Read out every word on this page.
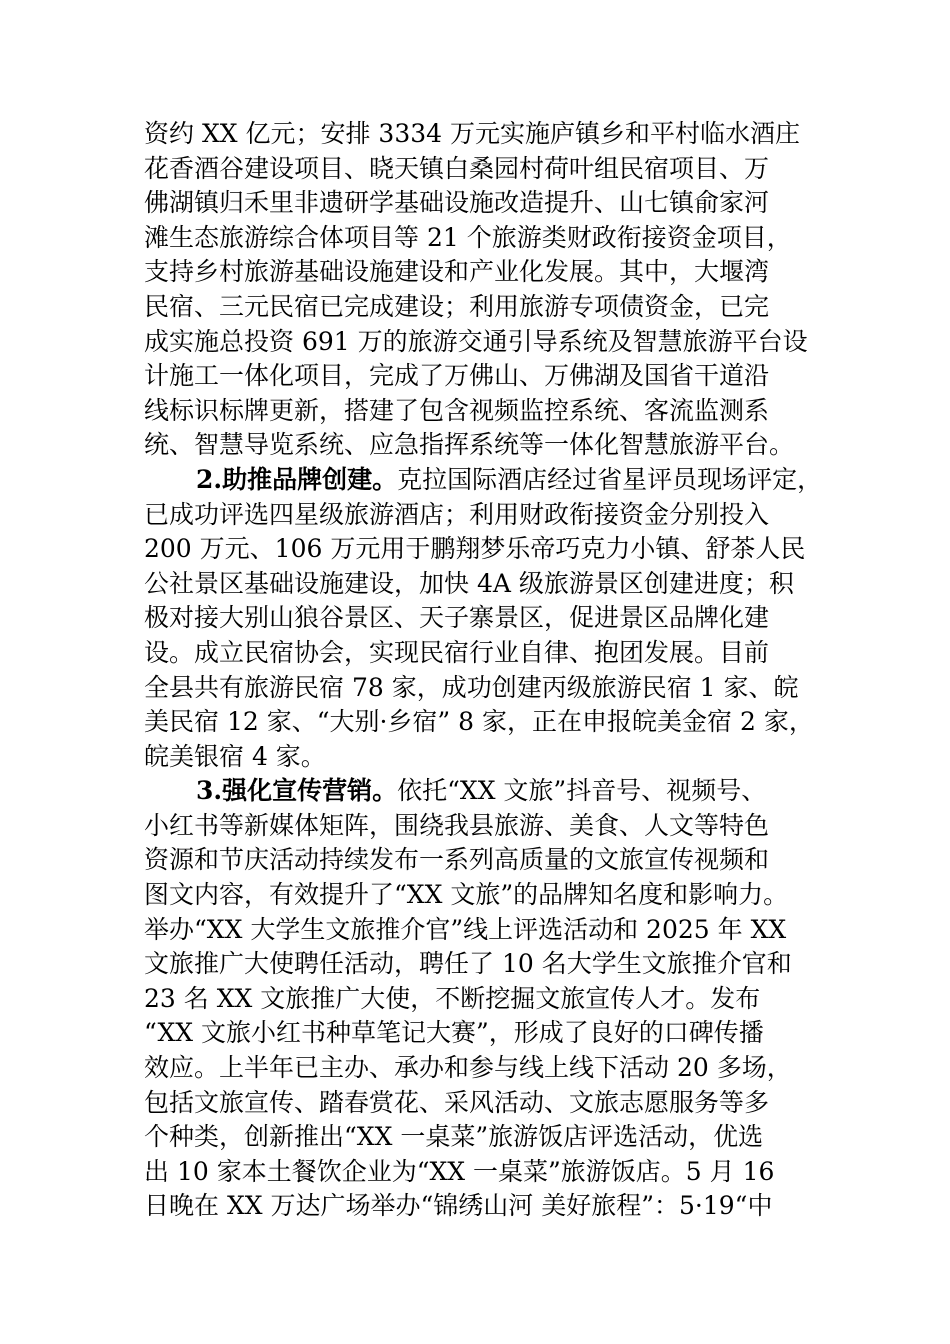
资约 XX 亿元；安排 3334 万元实施庐镇乡和平村临水酒庄
花香酒谷建设项目、晓天镇白桑园村荷叶组民宿项目、万
佛湖镇归禾里非遗研学基础设施改造提升、山七镇俞家河
滩生态旅游综合体项目等 21 个旅游类财政衔接资金项目，
支持乡村旅游基础设施建设和产业化发展。其中，大堰湾
民宿、三元民宿已完成建设；利用旅游专项债资金，已完
成实施总投资 691 万的旅游交通引导系统及智慧旅游平台设
计施工一体化项目，完成了万佛山、万佛湖及国省干道沿
线标识标牌更新，搭建了包含视频监控系统、客流监测系
统、智慧导览系统、应急指挥系统等一体化智慧旅游平台。
2.助推品牌创建。克拉国际酒店经过省星评员现场评定，
已成功评选四星级旅游酒店；利用财政衔接资金分别投入
200 万元、106 万元用于鹏翔梦乐帝巧克力小镇、舒茶人民
公社景区基础设施建设，加快 4A 级旅游景区创建进度；积
极对接大别山狼谷景区、天子寨景区，促进景区品牌化建
设。成立民宿协会，实现民宿行业自律、抱团发展。目前
全县共有旅游民宿 78 家，成功创建丙级旅游民宿 1 家、皖
美民宿 12 家、“大别·乡宿” 8 家，正在申报皖美金宿 2 家，
皖美银宿 4 家。
3.强化宣传营销。依托“XX 文旅”抖音号、视频号、
小红书等新媒体矩阵，围绕我县旅游、美食、人文等特色
资源和节庆活动持续发布一系列高质量的文旅宣传视频和
图文内容，有效提升了“XX 文旅”的品牌知名度和影响力。
举办“XX 大学生文旅推介官”线上评选活动和 2025 年 XX
文旅推广大使聘任活动，聘任了 10 名大学生文旅推介官和
23 名 XX 文旅推广大使，不断挖掘文旅宣传人才。发布
“XX 文旅小红书种草笔记大赛”，形成了良好的口碑传播
效应。上半年已主办、承办和参与线上线下活动 20 多场，
包括文旅宣传、踏春赏花、采风活动、文旅志愿服务等多
个种类，创新推出“XX 一桌菜”旅游饭店评选活动，优选
出 10 家本土餐饮企业为“XX 一桌菜”旅游饭店。5 月 16
日晚在 XX 万达广场举办“锦绣山河 美好旅程”：5·19“中
